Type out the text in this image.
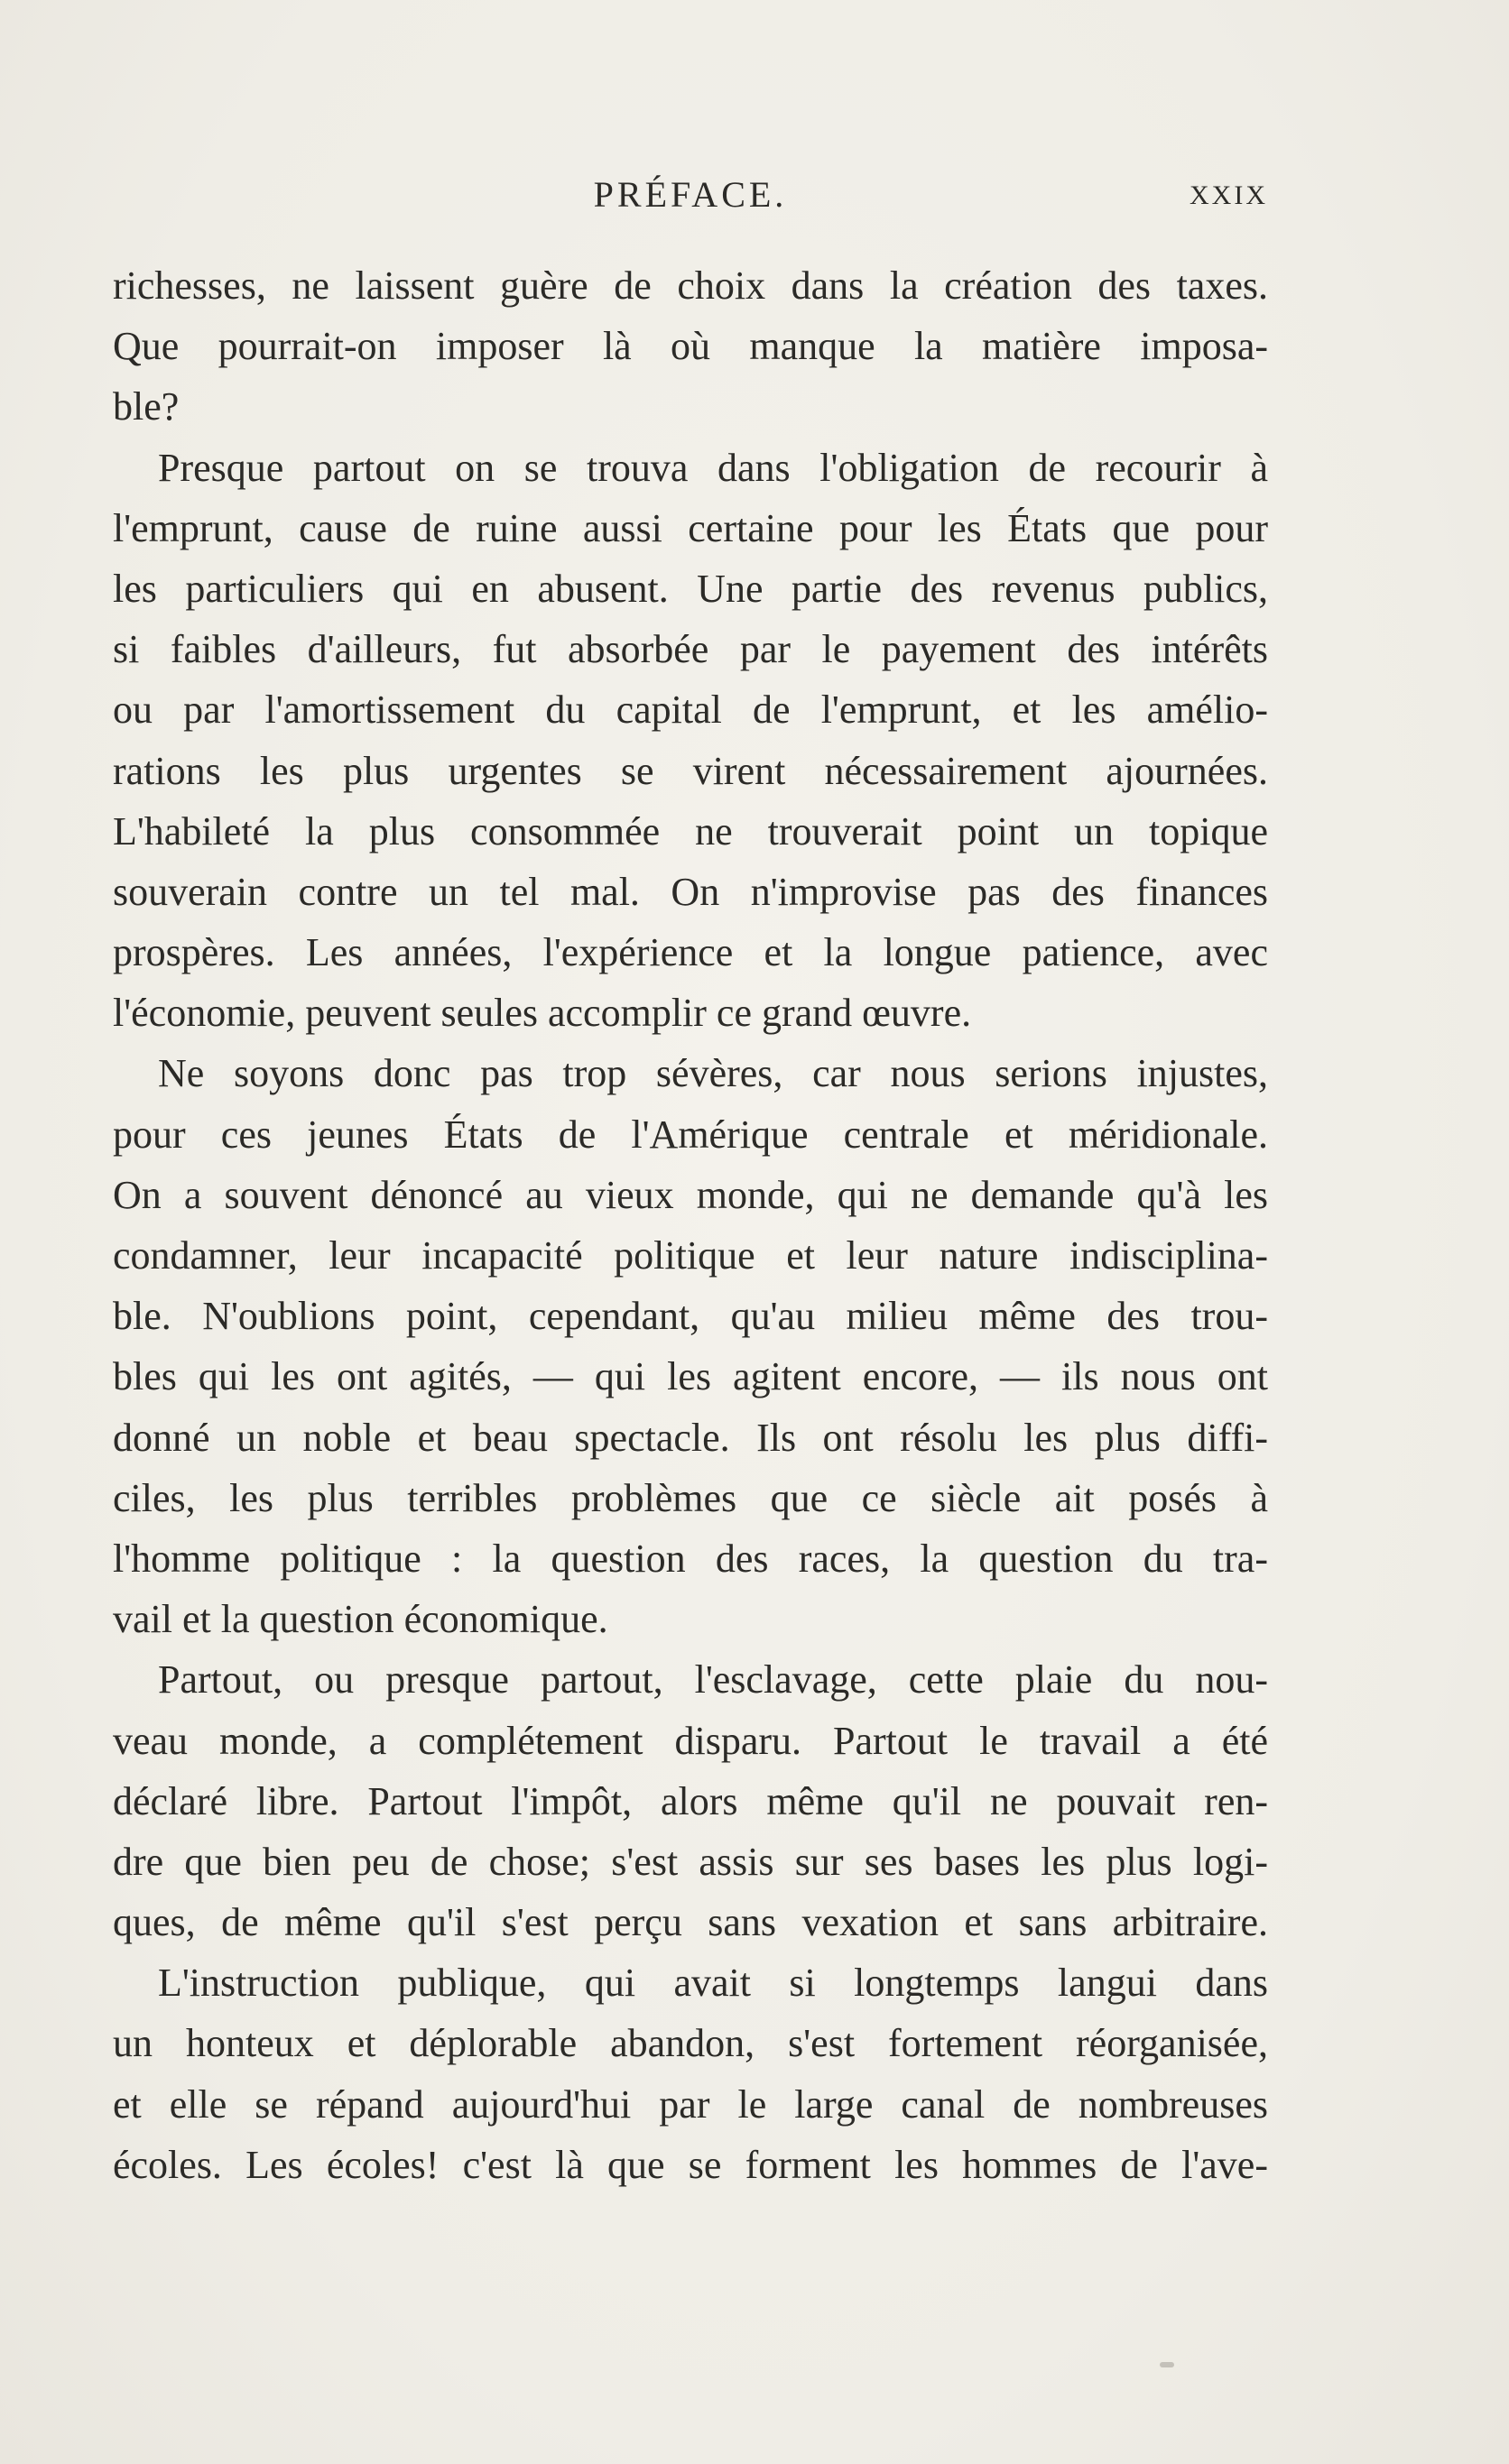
PRÉFACE.	XXIX
richesses, ne laissent guère de choix dans la création des taxes.
Que pourrait-on imposer là où manque la matière imposa-
ble?
Presque partout on se trouva dans l'obligation de recourir à
l'emprunt, cause de ruine aussi certaine pour les États que pour
les particuliers qui en abusent. Une partie des revenus publics,
si faibles d'ailleurs, fut absorbée par le payement des intérêts
ou par l'amortissement du capital de l'emprunt, et les amélio-
rations les plus urgentes se virent nécessairement ajournées.
L'habileté la plus consommée ne trouverait point un topique
souverain contre un tel mal. On n'improvise pas des finances
prospères. Les années, l'expérience et la longue patience, avec
l'économie, peuvent seules accomplir ce grand œuvre.
Ne soyons donc pas trop sévères, car nous serions injustes,
pour ces jeunes États de l'Amérique centrale et méridionale.
On a souvent dénoncé au vieux monde, qui ne demande qu'à les
condamner, leur incapacité politique et leur nature indisciplina-
ble. N'oublions point, cependant, qu'au milieu même des trou-
bles qui les ont agités, — qui les agitent encore, — ils nous ont
donné un noble et beau spectacle. Ils ont résolu les plus diffi-
ciles, les plus terribles problèmes que ce siècle ait posés à
l'homme politique : la question des races, la question du tra-
vail et la question économique.
Partout, ou presque partout, l'esclavage, cette plaie du nou-
veau monde, a complétement disparu. Partout le travail a été
déclaré libre. Partout l'impôt, alors même qu'il ne pouvait ren-
dre que bien peu de chose; s'est assis sur ses bases les plus logi-
ques, de même qu'il s'est perçu sans vexation et sans arbitraire.
L'instruction publique, qui avait si longtemps langui dans
un honteux et déplorable abandon, s'est fortement réorganisée,
et elle se répand aujourd'hui par le large canal de nombreuses
écoles. Les écoles! c'est là que se forment les hommes de l'ave-
